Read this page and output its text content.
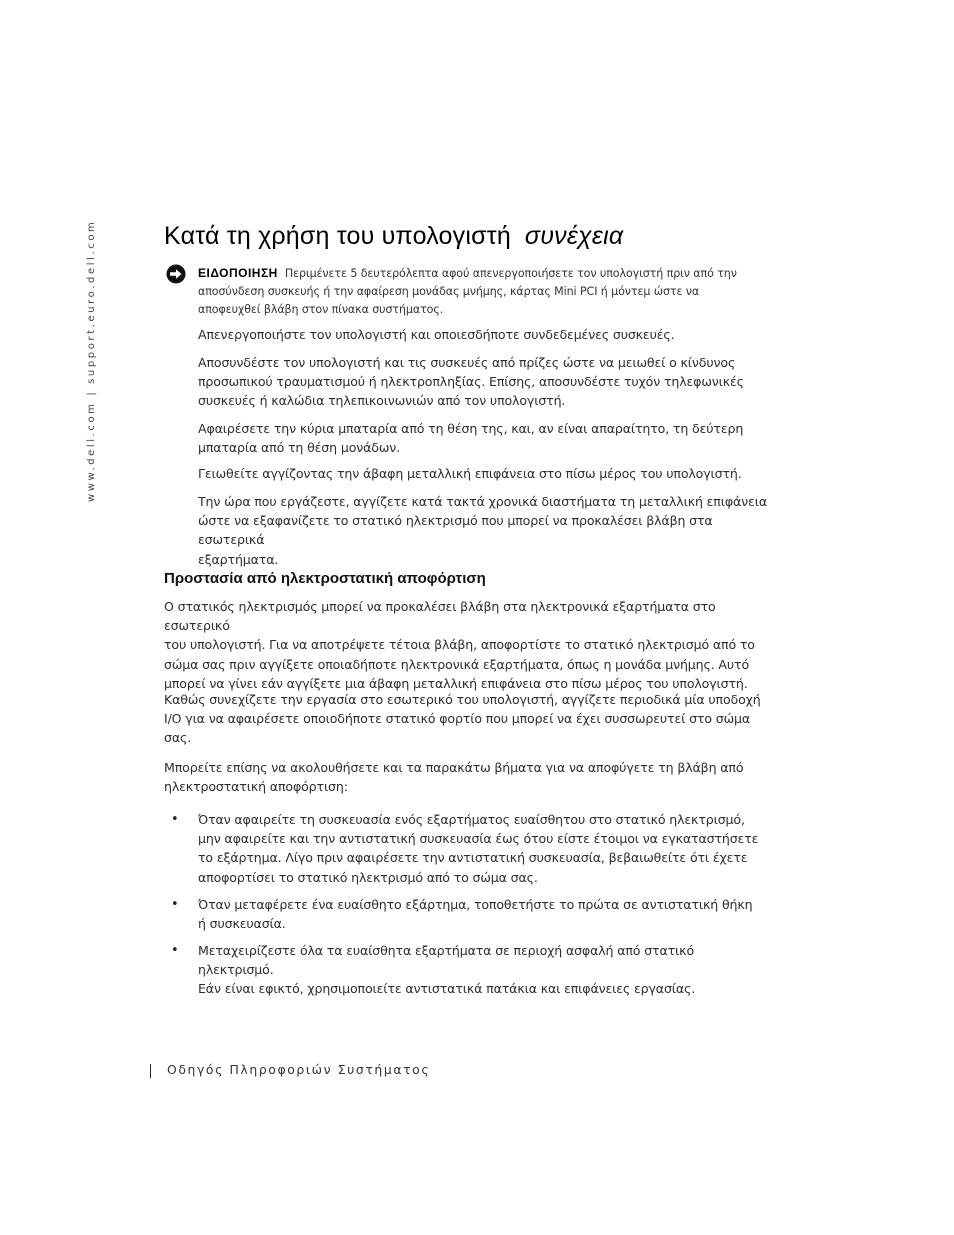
www.dell.com | support.euro.dell.com	Κατά τη χρήση του υπολογιστή συνέχεια
ΕΙΔΟΠΟΙΗΣΗ Περιμένετε 5 δευτερόλεπτα αφού απενεργοποιήσετε τον υπολογιστή πριν από την
αποσύνδεση συσκευής ή την αφαίρεση μονάδας μνήμης, κάρτας Mini PCI ή μόντεμ ώστε να
αποφευχθεί βλάβη στον πίνακα συστήματος.
Απενεργοποιήστε τον υπολογιστή και οποιεσδήποτε συνδεδεμένες συσκευές.
Αποσυνδέστε τον υπολογιστή και τις συσκευές από πρίζες ώστε να μειωθεί ο κίνδυνος
προσωπικού τραυματισμού ή ηλεκτροπληξίας. Επίσης, αποσυνδέστε τυχόν τηλεφωνικές
συσκευές ή καλώδια τηλεπικοινωνιών από τον υπολογιστή.
Αφαιρέσετε την κύρια μπαταρία από τη θέση της, και, αν είναι απαραίτητο, τη δεύτερη
μπαταρία από τη θέση μονάδων.
Γειωθείτε αγγίζοντας την άβαφη μεταλλική επιφάνεια στο πίσω μέρος του υπολογιστή.
Την ώρα που εργάζεστε, αγγίζετε κατά τακτά χρονικά διαστήματα τη μεταλλική επιφάνεια
ώστε να εξαφανίζετε το στατικό ηλεκτρισμό που μπορεί να προκαλέσει βλάβη στα εσωτερικά
εξαρτήματα.
Προστασία από ηλεκτροστατική αποφόρτιση
Ο στατικός ηλεκτρισμός μπορεί να προκαλέσει βλάβη στα ηλεκτρονικά εξαρτήματα στο εσωτερικό
του υπολογιστή. Για να αποτρέψετε τέτοια βλάβη, αποφορτίστε το στατικό ηλεκτρισμό από το
σώμα σας πριν αγγίξετε οποιαδήποτε ηλεκτρονικά εξαρτήματα, όπως η μονάδα μνήμης. Αυτό
μπορεί να γίνει εάν αγγίξετε μια άβαφη μεταλλική επιφάνεια στο πίσω μέρος του υπολογιστή.
Καθώς συνεχίζετε την εργασία στο εσωτερικό του υπολογιστή, αγγίζετε περιοδικά μία υποδοχή
I/O για να αφαιρέσετε οποιοδήποτε στατικό φορτίο που μπορεί να έχει συσσωρευτεί στο σώμα
σας.
Μπορείτε επίσης να ακολουθήσετε και τα παρακάτω βήματα για να αποφύγετε τη βλάβη από
ηλεκτροστατική αποφόρτιση:
• Όταν αφαιρείτε τη συσκευασία ενός εξαρτήματος ευαίσθητου στο στατικό ηλεκτρισμό,
μην αφαιρείτε και την αντιστατική συσκευασία έως ότου είστε έτοιμοι να εγκαταστήσετε
το εξάρτημα. Λίγο πριν αφαιρέσετε την αντιστατική συσκευασία, βεβαιωθείτε ότι έχετε
αποφορτίσει το στατικό ηλεκτρισμό από το σώμα σας.
• Όταν μεταφέρετε ένα ευαίσθητο εξάρτημα, τοποθετήστε το πρώτα σε αντιστατική θήκη
ή συσκευασία.
• Μεταχειρίζεστε όλα τα ευαίσθητα εξαρτήματα σε περιοχή ασφαλή από στατικό ηλεκτρισμό.
Εάν είναι εφικτό, χρησιμοποιείτε αντιστατικά πατάκια και επιφάνειες εργασίας.
Οδηγός Πληροφοριών Συστήματος
